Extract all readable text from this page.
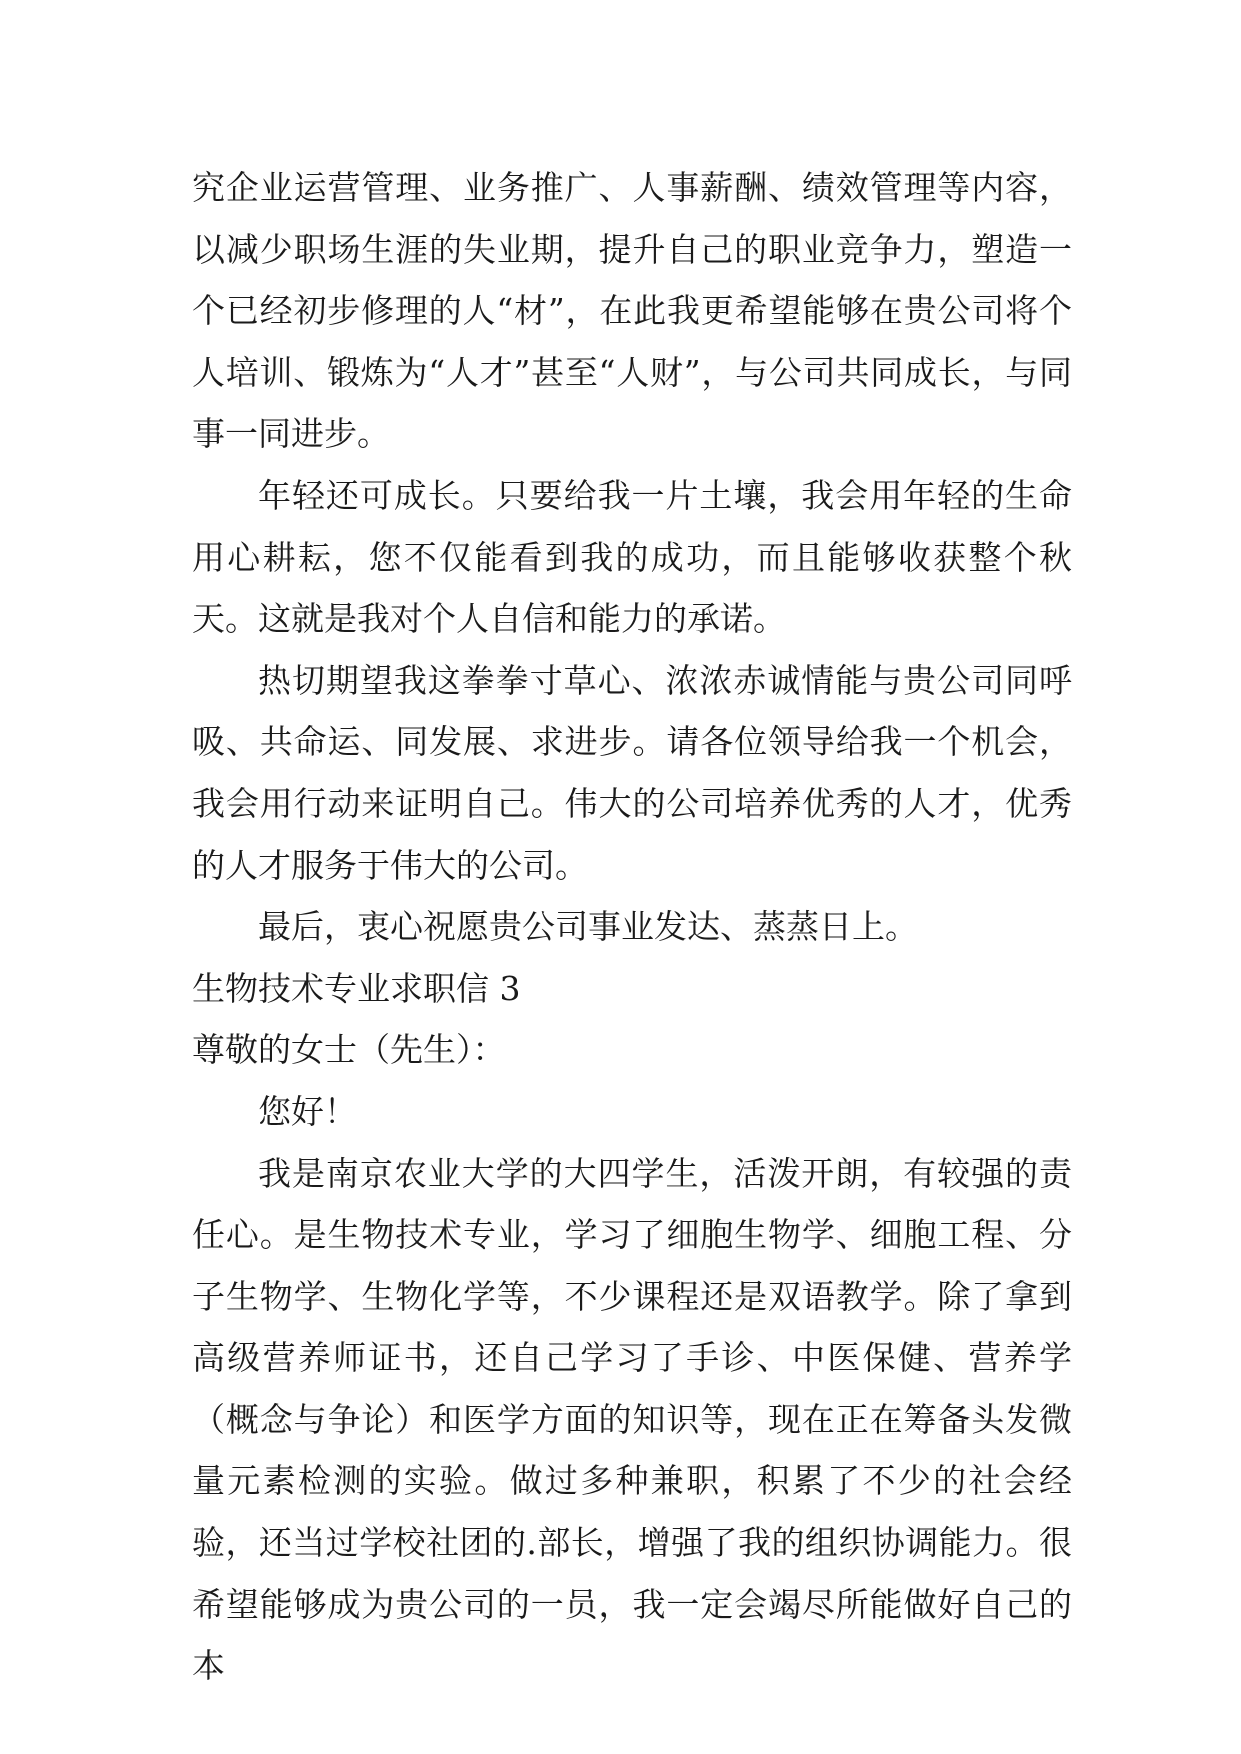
究企业运营管理、业务推广、人事薪酬、绩效管理等内容，以减少职场生涯的失业期，提升自己的职业竞争力，塑造一个已经初步修理的人“材”，在此我更希望能够在贵公司将个人培训、锻炼为“人才”甚至“人财”，与公司共同成长，与同事一同进步。

年轻还可成长。只要给我一片土壤，我会用年轻的生命用心耕耘，您不仅能看到我的成功，而且能够收获整个秋天。这就是我对个人自信和能力的承诺。

热切期望我这拳拳寸草心、浓浓赤诚情能与贵公司同呼吸、共命运、同发展、求进步。请各位领导给我一个机会，我会用行动来证明自己。伟大的公司培养优秀的人才，优秀的人才服务于伟大的公司。

最后，衷心祝愿贵公司事业发达、蒸蒸日上。

生物技术专业求职信 3

尊敬的女士（先生）：

您好！

我是南京农业大学的大四学生，活泼开朗，有较强的责任心。是生物技术专业，学习了细胞生物学、细胞工程、分子生物学、生物化学等，不少课程还是双语教学。除了拿到高级营养师证书，还自己学习了手诊、中医保健、营养学（概念与争论）和医学方面的知识等，现在正在筹备头发微量元素检测的实验。做过多种兼职，积累了不少的社会经验，还当过学校社团的.部长，增强了我的组织协调能力。很希望能够成为贵公司的一员，我一定会竭尽所能做好自己的本
